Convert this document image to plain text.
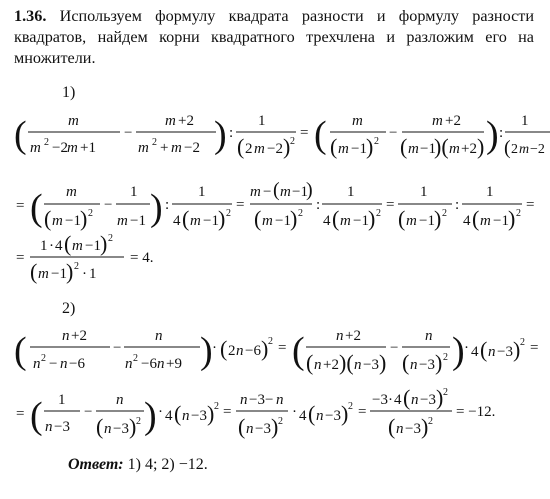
1.36. Используем формулу квадрата разности и формулу разности квадратов, найдем корни квадратного трехчлена и разложим его на множители.
1)
2)
(	m
m 2 −2 m +1
−
m +2
m 2 + m −2 ) :
1
( 2 m −2 ) 2
= ( m
( m −1 ) 2
−
m +2
( m −1
)( m +2 ) ) :
1
( 2 m −2
= ( m
( m −1 ) 2
−
1
m −1 ) :
1
4 ( m −1 ) 2
=
m − ( m −1
)
( m −1 ) 2
:
1
4 ( m −1 ) 2
=
1
( m −1 ) 2
:
1
4 ( m −1 ) 2
=
=
1 · 4 ( m −1 ) 2
( m −1 ) 2 · 1
= 4.
( n +2
n 2 − n −6
−
n
n 2 −6 n +9 ) · ( 2 n −6 ) 2 = ( n +2
( n +2 )( n −3 )
−
n
( n −3 ) 2 ) · 4 ( n −3 ) 2 =
= ( 1
n −3
−
n
( n −3 ) 2 ) · 4 ( n −3 ) 2 =
n −3− n
( n −3 ) 2
· 4 ( n −3 ) 2 =
−3 · 4 ( n −3 ) 2
( n −3 ) 2
= −12.
Ответ: 1) 4; 2) −12.
